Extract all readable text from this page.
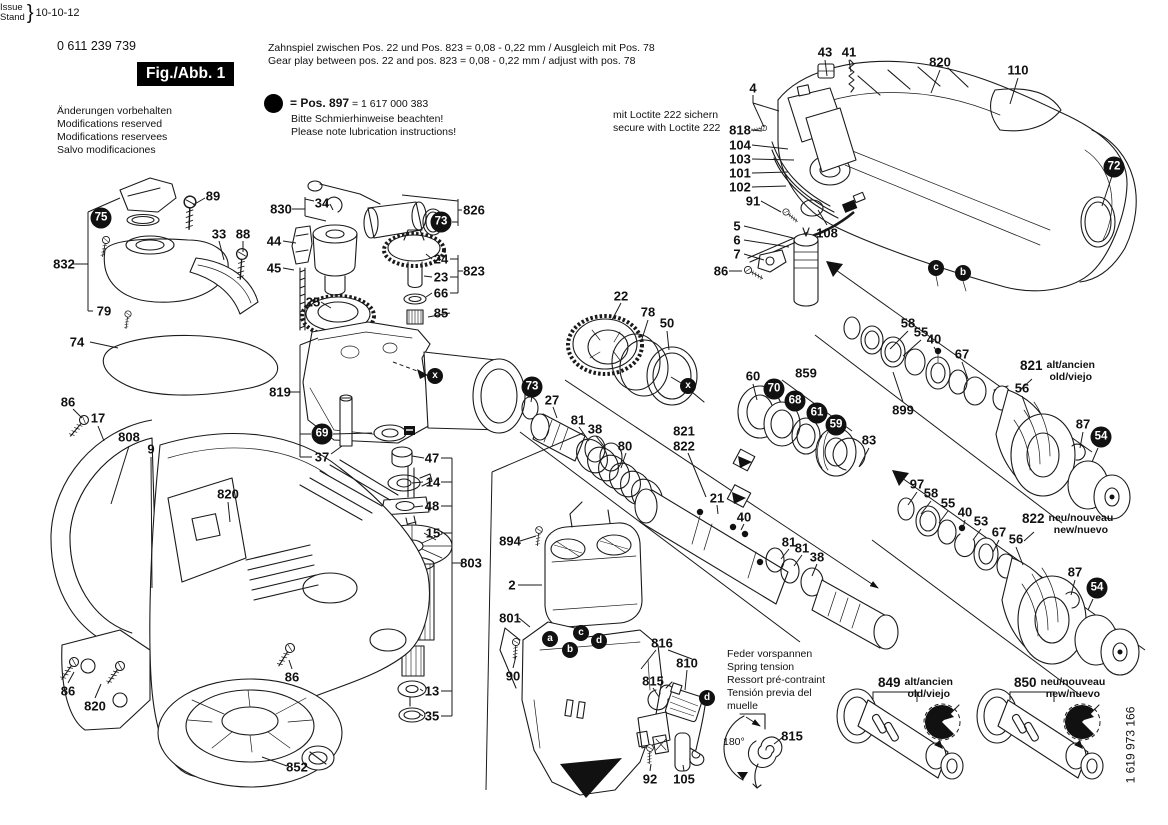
0 611 239 739
Issue
Stand } 10-10-12
Fig./Abb. 1
Änderungen vorbehalten
Modifications reserved
Modifications reservees
Salvo modificaciones
Zahnspiel zwischen Pos. 22 und Pos. 823 = 0,08 - 0,22 mm / Ausgleich mit Pos. 78
Gear play between pos. 22 and pos. 823 = 0,08 - 0,22 mm / adjust with pos. 78
= Pos. 897 = 1 617 000 383
Bitte Schmierhinweise beachten!
Please note lubrication instructions!
mit Loctite 222 sichern
secure with Loctite 222
Feder vorspannen
Spring tension
Ressort pré-contraint
Tensión previa del
muelle
180°	1 619 973 166
89
75
33 88
832
79
74
830 34	826
73
44
45
25
24
823
23
66
85
819
69
37
x
43 41
820
110
4
818
104
103
101
102
91
5
6
7
86
108
72
c	b
22
78
50
x
73
27
81
38
80
821
822
21
40
81
81
38
60	859
70
68
61
59
83
58
55
40
67
899
821 alt/ancien
old/viejo
56
87
54
97
58
55
40
53
67 56
822 neu/nouveau
new/nuevo
87
54
86
17
808
9
820
86
86
820
852
47
14
48
15
803
13
35
894
2
801
90
a
b
c
d	816
810
815
d
92 105
815
849 alt/ancien
old/viejo
850 neu/nouveau
new/nuevo
